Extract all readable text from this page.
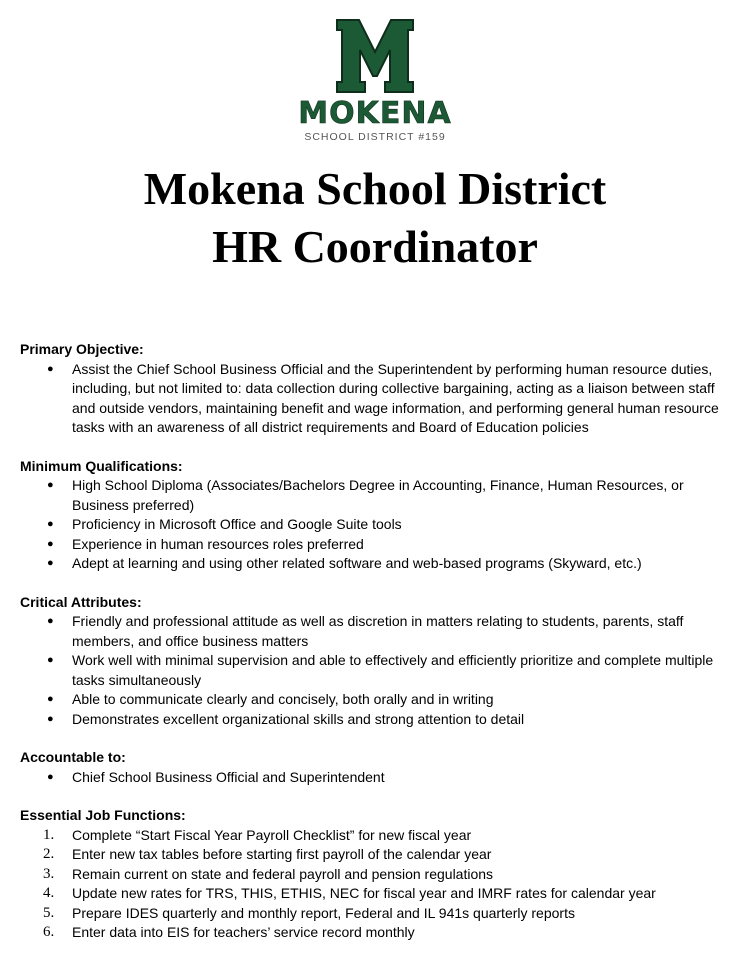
MOKENA
SCHOOL DISTRICT #159
Mokena School District
HR Coordinator
Primary Objective:
● Assist the Chief School Business Official and the Superintendent by performing human resource duties, including, but not limited to: data collection during collective bargaining, acting as a liaison between staff and outside vendors, maintaining benefit and wage information, and performing general human resource tasks with an awareness of all district requirements and Board of Education policies
Minimum Qualifications:
● High School Diploma (Associates/Bachelors Degree in Accounting, Finance, Human Resources, or Business preferred)
● Proficiency in Microsoft Office and Google Suite tools
● Experience in human resources roles preferred
● Adept at learning and using other related software and web-based programs (Skyward, etc.)
Critical Attributes:
● Friendly and professional attitude as well as discretion in matters relating to students, parents, staff members, and office business matters
● Work well with minimal supervision and able to effectively and efficiently prioritize and complete multiple tasks simultaneously
● Able to communicate clearly and concisely, both orally and in writing
● Demonstrates excellent organizational skills and strong attention to detail
Accountable to:
● Chief School Business Official and Superintendent
Essential Job Functions:
1. Complete “Start Fiscal Year Payroll Checklist” for new fiscal year
2. Enter new tax tables before starting first payroll of the calendar year
3. Remain current on state and federal payroll and pension regulations
4. Update new rates for TRS, THIS, ETHIS, NEC for fiscal year and IMRF rates for calendar year
5. Prepare IDES quarterly and monthly report, Federal and IL 941s quarterly reports
6. Enter data into EIS for teachers’ service record monthly
